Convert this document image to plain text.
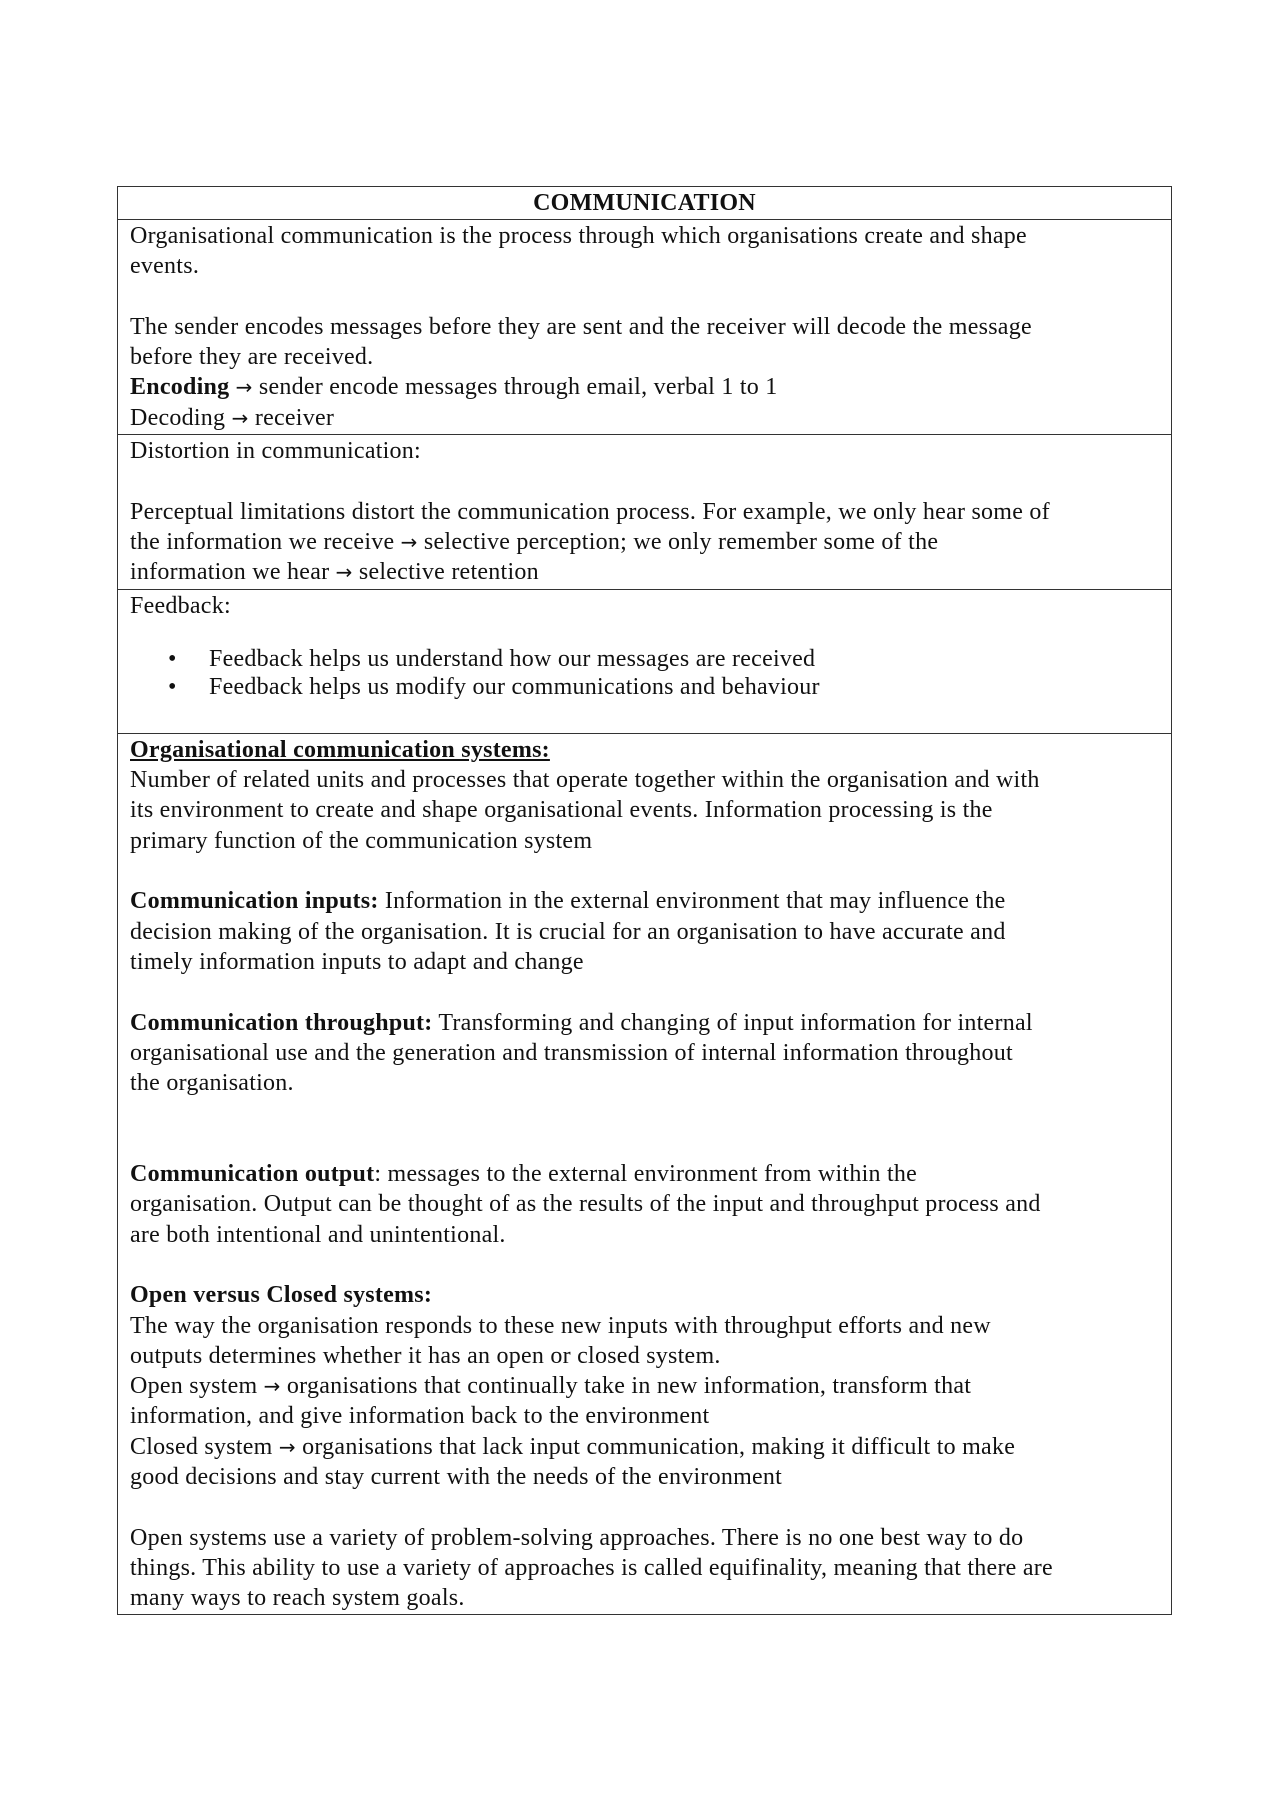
COMMUNICATION
Organisational communication is the process through which organisations create and shape
events.
The sender encodes messages before they are sent and the receiver will decode the message
before they are received.
Encoding → sender encode messages through email, verbal 1 to 1
Decoding → receiver
Distortion in communication:
Perceptual limitations distort the communication process. For example, we only hear some of
the information we receive → selective perception; we only remember some of the
information we hear → selective retention
Feedback:
• Feedback helps us understand how our messages are received
• Feedback helps us modify our communications and behaviour
Organisational communication systems:
Number of related units and processes that operate together within the organisation and with
its environment to create and shape organisational events. Information processing is the
primary function of the communication system
Communication inputs: Information in the external environment that may influence the
decision making of the organisation. It is crucial for an organisation to have accurate and
timely information inputs to adapt and change
Communication throughput: Transforming and changing of input information for internal
organisational use and the generation and transmission of internal information throughout
the organisation.
Communication output: messages to the external environment from within the
organisation. Output can be thought of as the results of the input and throughput process and
are both intentional and unintentional.
Open versus Closed systems:
The way the organisation responds to these new inputs with throughput efforts and new
outputs determines whether it has an open or closed system.
Open system → organisations that continually take in new information, transform that
information, and give information back to the environment
Closed system → organisations that lack input communication, making it difficult to make
good decisions and stay current with the needs of the environment
Open systems use a variety of problem-solving approaches. There is no one best way to do
things. This ability to use a variety of approaches is called equifinality, meaning that there are
many ways to reach system goals.
